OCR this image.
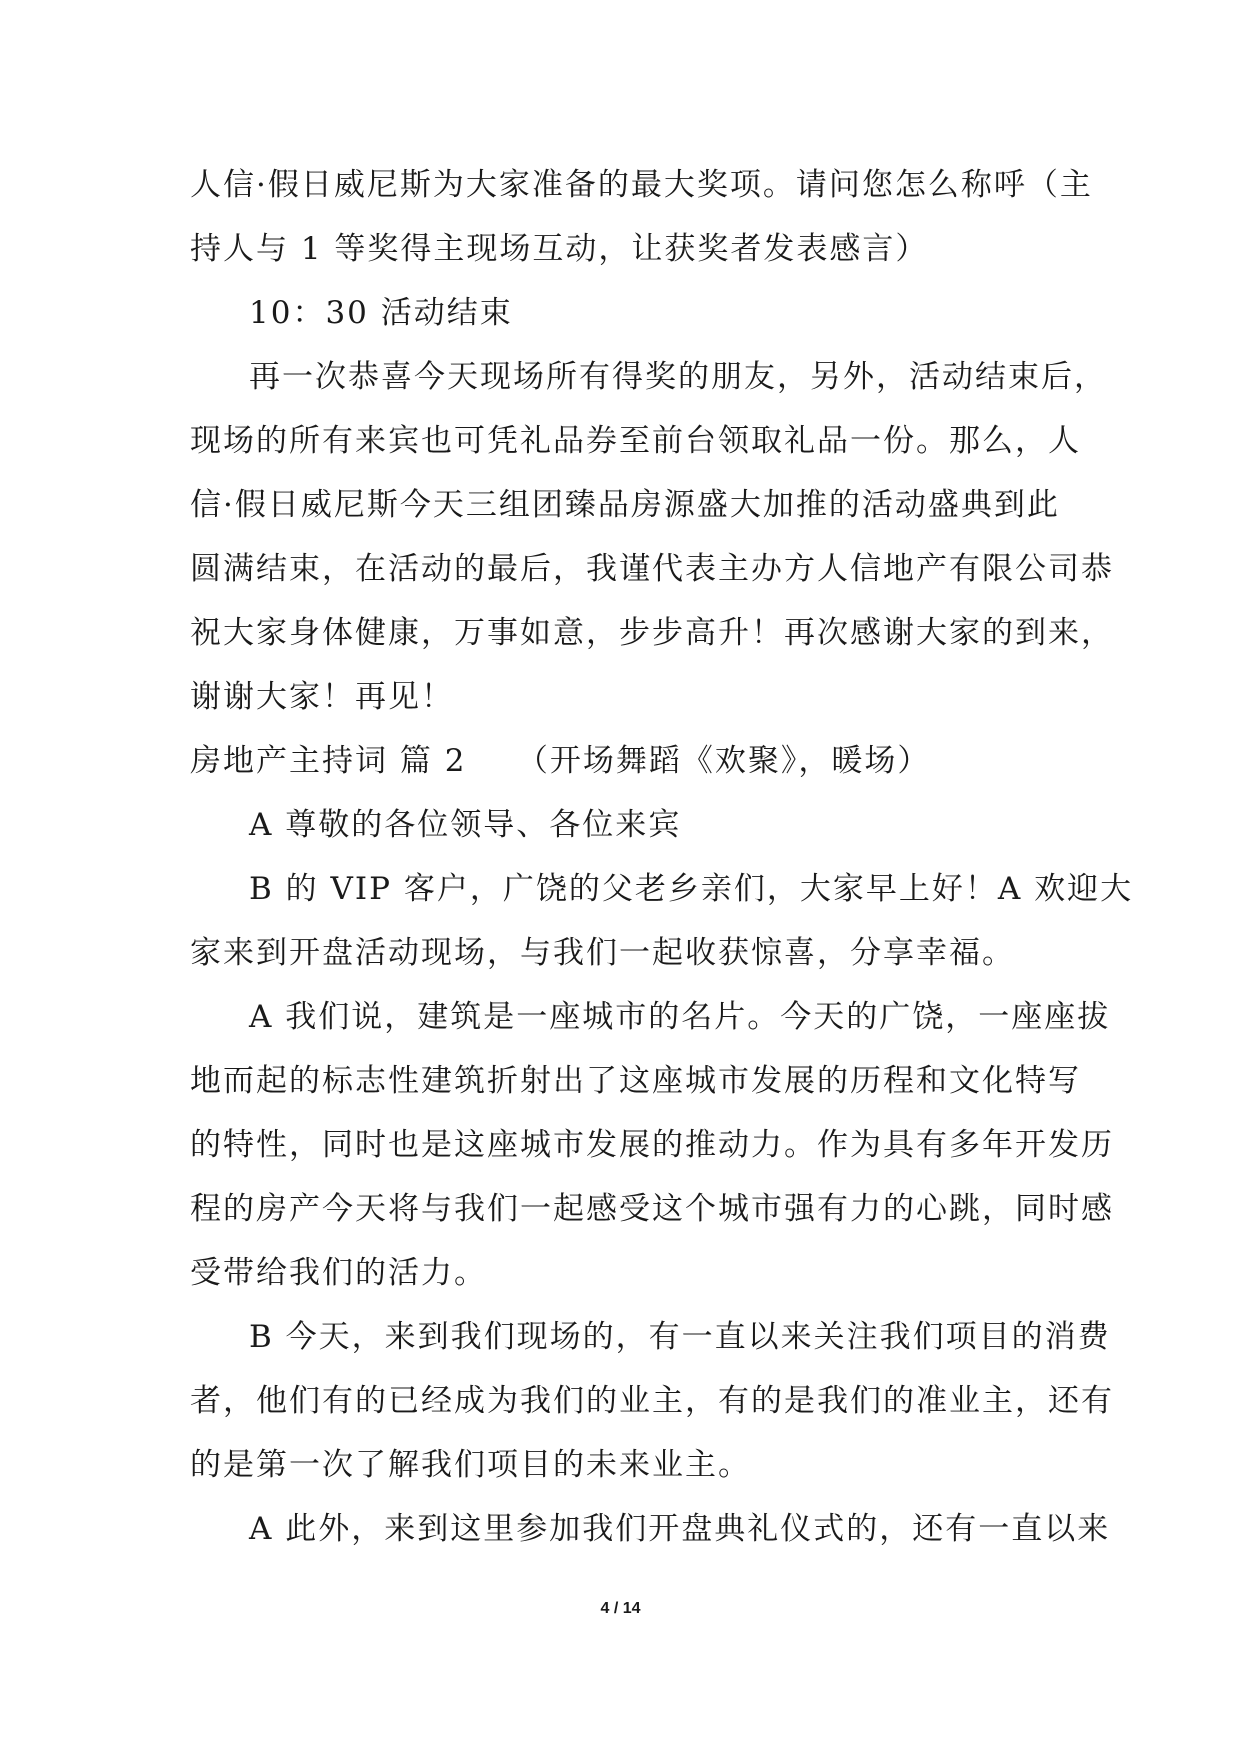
人信·假日威尼斯为大家准备的最大奖项。请问您怎么称呼（主
持人与 1 等奖得主现场互动，让获奖者发表感言）
10：30 活动结束
再一次恭喜今天现场所有得奖的朋友，另外，活动结束后，
现场的所有来宾也可凭礼品券至前台领取礼品一份。那么，人
信·假日威尼斯今天三组团臻品房源盛大加推的活动盛典到此
圆满结束，在活动的最后，我谨代表主办方人信地产有限公司恭
祝大家身体健康，万事如意，步步高升！再次感谢大家的到来，
谢谢大家！再见！
房地产主持词 篇 2　　（开场舞蹈《欢聚》，暖场）
A 尊敬的各位领导、各位来宾
B 的 VIP 客户，广饶的父老乡亲们，大家早上好！A 欢迎大
家来到开盘活动现场，与我们一起收获惊喜，分享幸福。
A 我们说，建筑是一座城市的名片。今天的广饶，一座座拔
地而起的标志性建筑折射出了这座城市发展的历程和文化特写
的特性，同时也是这座城市发展的推动力。作为具有多年开发历
程的房产今天将与我们一起感受这个城市强有力的心跳，同时感
受带给我们的活力。
B 今天，来到我们现场的，有一直以来关注我们项目的消费
者，他们有的已经成为我们的业主，有的是我们的准业主，还有
的是第一次了解我们项目的未来业主。
A 此外，来到这里参加我们开盘典礼仪式的，还有一直以来
4 / 14
